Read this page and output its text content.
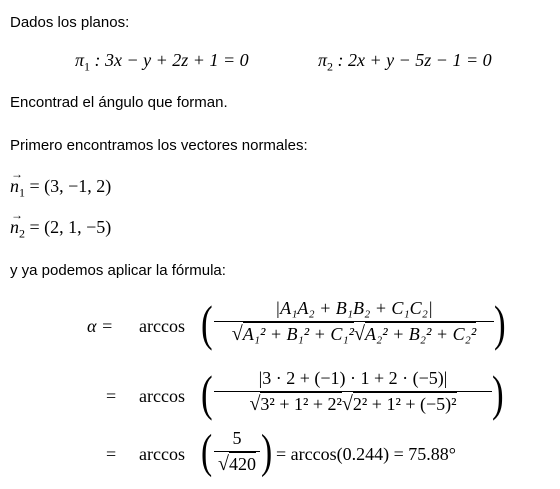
Dados los planos:
$\pi_1$ : 3x − y + 2z + 1 = 0	$\pi_2$ : 2x + y − 5z − 1 = 0
Encontrad el ángulo que forman.
Primero encontramos los vectores normales:
→
$n_1 = (3$, −1, 2)
→
$n_2 = (2$, 1, −5)
y ya podemos aplicar la fórmula:
α = arccos (	|A₁A₂ + B₁B₂ + C₁C₂|
√A₁² + B₁² + C₁²√A₂² + B₂² + C₂² )
= arccos (	|3 · 2 + (−1) · 1 + 2 · (−5)|
√3² + 1² + 2²√2² + 1² + (−5)² )
= arccos (	5
√420 ) = arccos(0.244) = 75.88°
